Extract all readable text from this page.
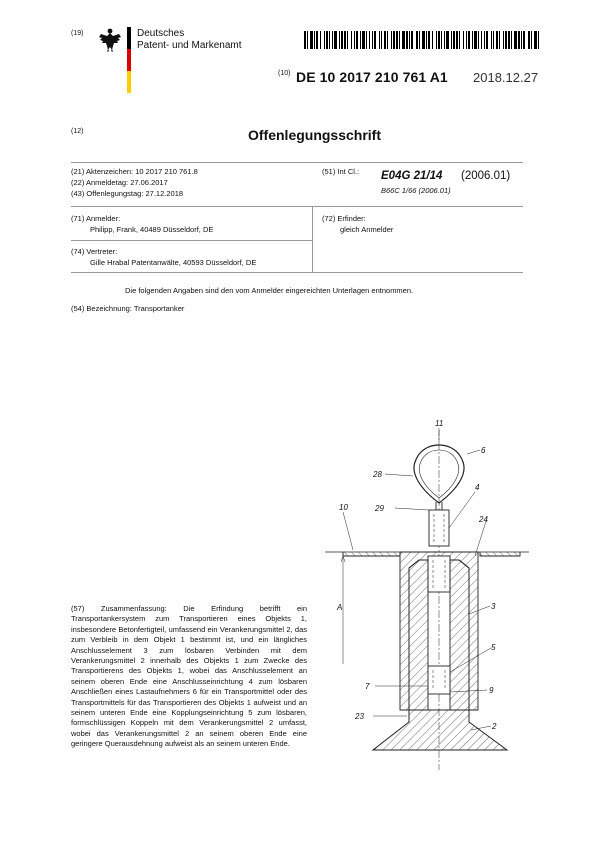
(19)	Deutsches
Patent- und Markenamt
(10) DE 10 2017 210 761 A1 2018.12.27
(12)	Offenlegungsschrift
(21) Aktenzeichen: 10 2017 210 761.8
(22) Anmeldetag: 27.06.2017
(43) Offenlegungstag: 27.12.2018
(51) Int Cl.: E04G 21/14 (2006.01)
B66C 1/66 (2006.01)
(71) Anmelder:
Philipp, Frank, 40489 Düsseldorf, DE
(72) Erfinder:
gleich Anmelder
(74) Vertreter:
Gille Hrabal Patentanwälte, 40593 Düsseldorf, DE
Die folgenden Angaben sind den vom Anmelder eingereichten Unterlagen entnommen.
(54) Bezeichnung: Transportanker
(57) Zusammenfassung: Die Erfindung betrifft ein Transportankersystem zum Transportieren eines Objekts 1, insbesondere Betonfertigteil, umfassend ein Verankerungsmittel 2, das zum Verbleib in dem Objekt 1 bestimmt ist, und ein längliches Anschlusselement 3 zum lösbaren Verbinden mit dem Verankerungsmittel 2 innerhalb des Objekts 1 zum Zwecke des Transportierens des Objekts 1, wobei das Anschlusselement an seinem oberen Ende eine Anschlusseinrichtung 4 zum lösbaren Anschließen eines Lastaufnehmers 6 für ein Transportmittel oder des Transportmittels für das Transportieren des Objekts 1 aufweist und an seinem unteren Ende eine Kopplungseinrichtung 5 zum lösbaren, formschlüssigen Koppeln mit dem Verankerungsmittel 2 umfasst, wobei das Verankerungsmittel 2 an seinem oberen Ende eine geringere Querausdehnung aufweist als an seinem unteren Ende.
11
6
28
4
10	29
24
3
A
5
7	9
23
2
